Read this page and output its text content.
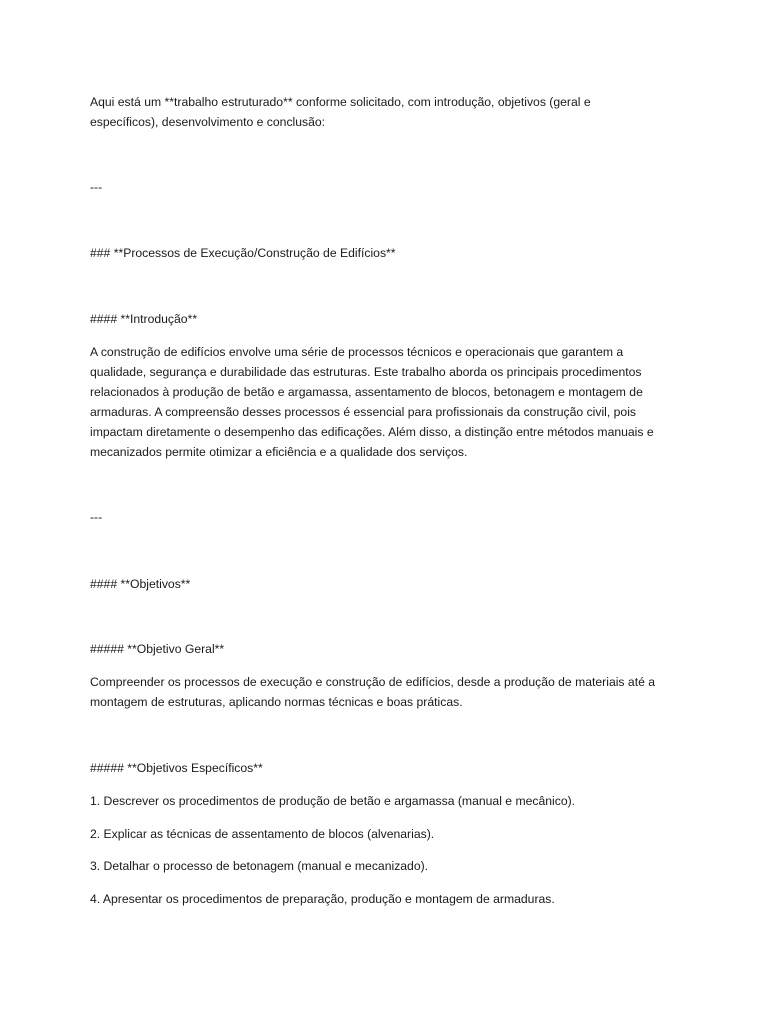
Aqui está um **trabalho estruturado** conforme solicitado, com introdução, objetivos (geral e
específicos), desenvolvimento e conclusão:

---

### **Processos de Execução/Construção de Edifícios**

#### **Introdução**

A construção de edifícios envolve uma série de processos técnicos e operacionais que garantem a
qualidade, segurança e durabilidade das estruturas. Este trabalho aborda os principais procedimentos
relacionados à produção de betão e argamassa, assentamento de blocos, betonagem e montagem de
armaduras. A compreensão desses processos é essencial para profissionais da construção civil, pois
impactam diretamente o desempenho das edificações. Além disso, a distinção entre métodos manuais e
mecanizados permite otimizar a eficiência e a qualidade dos serviços.

---

#### **Objetivos**

##### **Objetivo Geral**

Compreender os processos de execução e construção de edifícios, desde a produção de materiais até a
montagem de estruturas, aplicando normas técnicas e boas práticas.

##### **Objetivos Específicos**

1. Descrever os procedimentos de produção de betão e argamassa (manual e mecânico).

2. Explicar as técnicas de assentamento de blocos (alvenarias).

3. Detalhar o processo de betonagem (manual e mecanizado).

4. Apresentar os procedimentos de preparação, produção e montagem de armaduras.
